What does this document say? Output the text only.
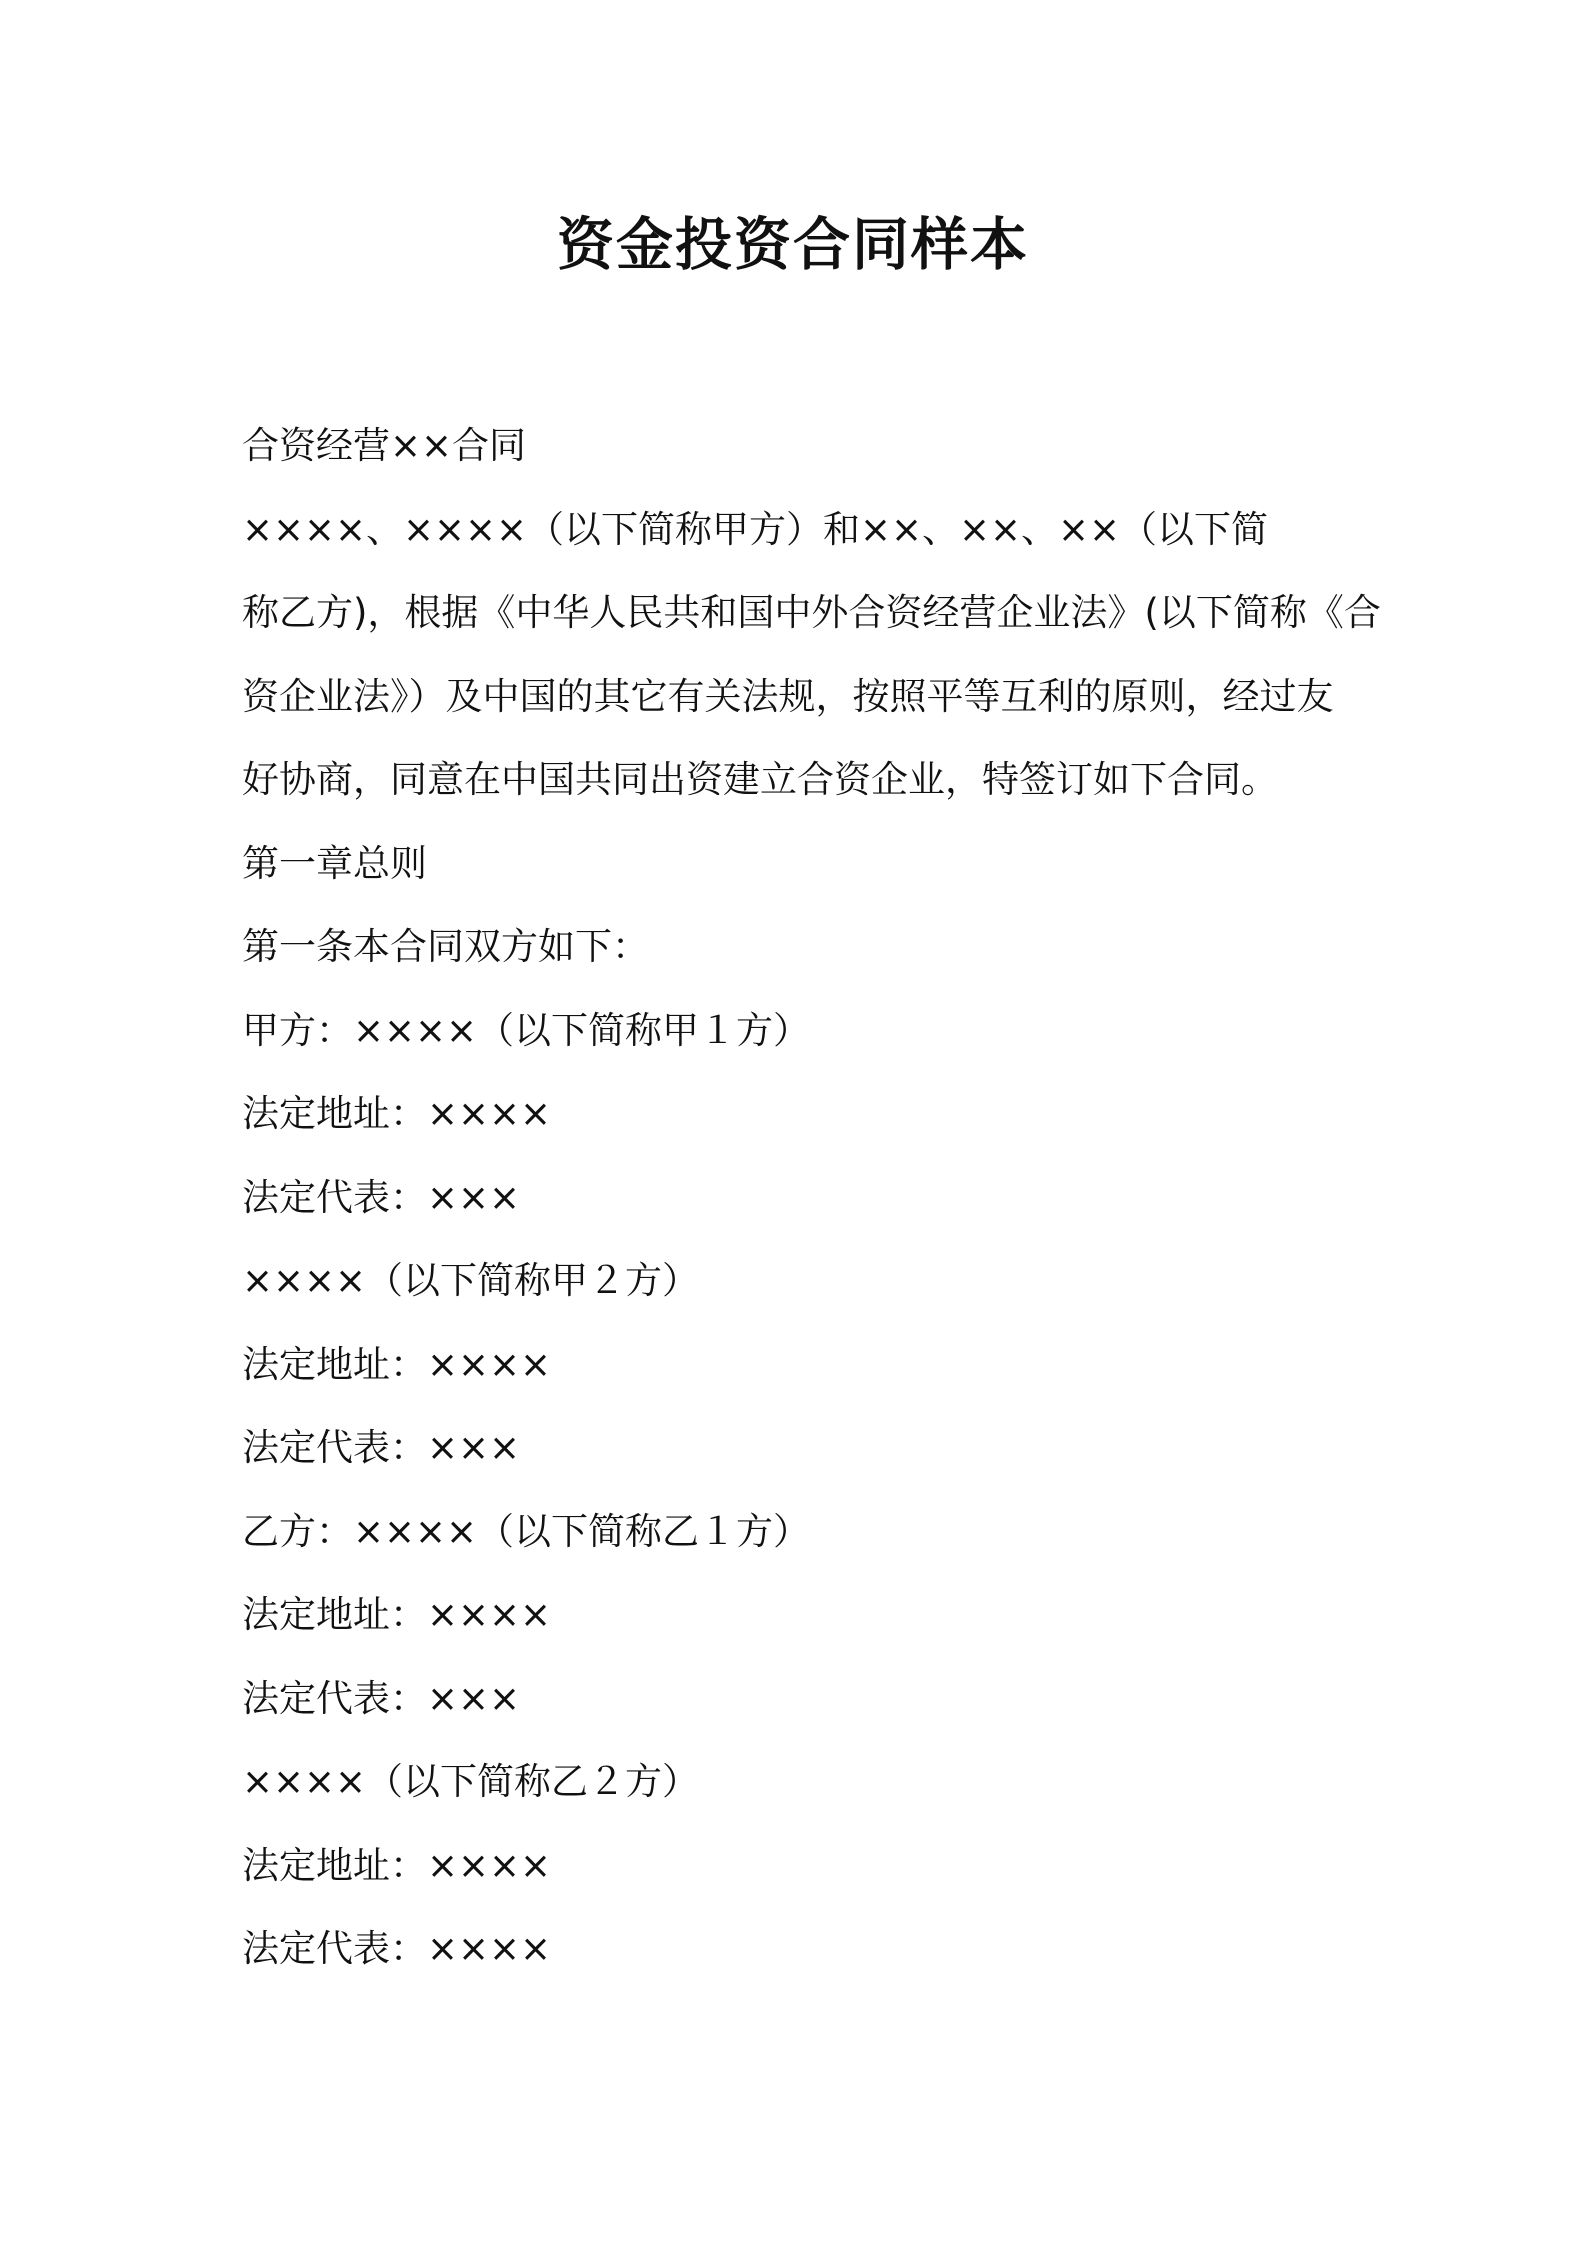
资金投资合同样本
合资经营××合同
××××、××××（以下简称甲方）和××、××、××（以下简
称乙方)，根据《中华人民共和国中外合资经营企业法》(以下简称《合
资企业法》）及中国的其它有关法规，按照平等互利的原则，经过友
好协商，同意在中国共同出资建立合资企业，特签订如下合同。
第一章总则
第一条本合同双方如下：
甲方：××××（以下简称甲１方）
法定地址：××××
法定代表：×××
××××（以下简称甲２方）
法定地址：××××
法定代表：×××
乙方：××××（以下简称乙１方）
法定地址：××××
法定代表：×××
××××（以下简称乙２方）
法定地址：××××
法定代表：××××
